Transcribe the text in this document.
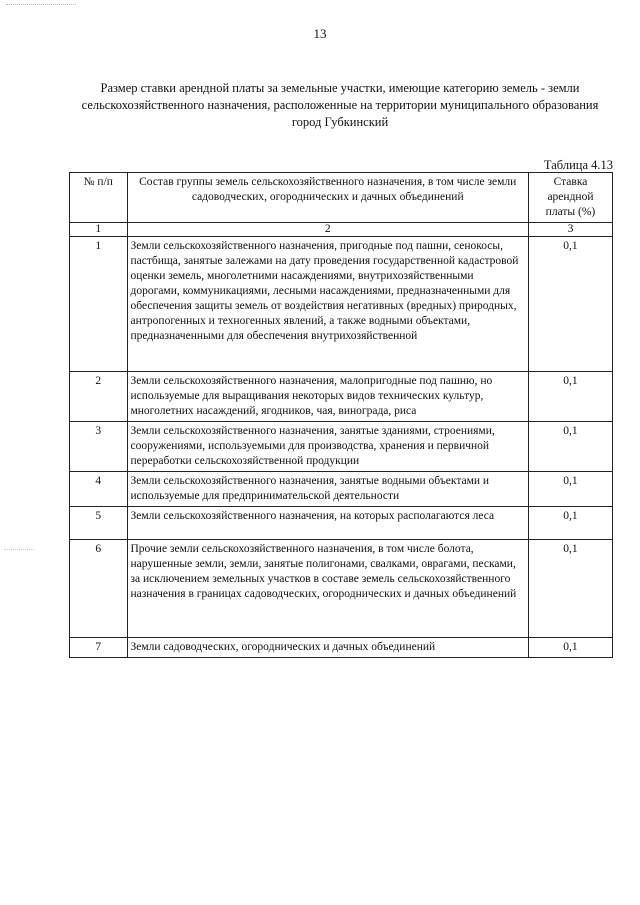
13
Размер ставки арендной платы за земельные участки, имеющие категорию земель - земли сельскохозяйственного назначения, расположенные на территории муниципального образования город Губкинский
Таблица 4.13
№ п/п	Состав группы земель сельскохозяйственного назначения, в том числе земли садоводческих, огороднических и дачных объединений	Ставка арендной платы (%)
1	2	3
1	Земли сельскохозяйственного назначения, пригодные под пашни, сенокосы, пастбища, занятые залежами на дату проведения государственной кадастровой оценки земель, многолетними насаждениями, внутрихозяйственными дорогами, коммуникациями, лесными насаждениями, предназначенными для обеспечения защиты земель от воздействия негативных (вредных) природных, антропогенных и техногенных явлений, а также водными объектами, предназначенными для обеспечения внутрихозяйственной	0,1
2	Земли сельскохозяйственного назначения, малопригодные под пашню, но используемые для выращивания некоторых видов технических культур, многолетних насаждений, ягодников, чая, винограда, риса	0,1
3	Земли сельскохозяйственного назначения, занятые зданиями, строениями, сооружениями, используемыми для производства, хранения и первичной переработки сельскохозяйственной продукции	0,1
4	Земли сельскохозяйственного назначения, занятые водными объектами и используемые для предпринимательской деятельности	0,1
5	Земли сельскохозяйственного назначения, на которых располагаются леса	0,1
6	Прочие земли сельскохозяйственного назначения, в том числе болота, нарушенные земли, земли, занятые полигонами, свалками, оврагами, песками, за исключением земельных участков в составе земель сельскохозяйственного назначения в границах садоводческих, огороднических и дачных объединений	0,1
7	Земли садоводческих, огороднических и дачных объединений	0,1
